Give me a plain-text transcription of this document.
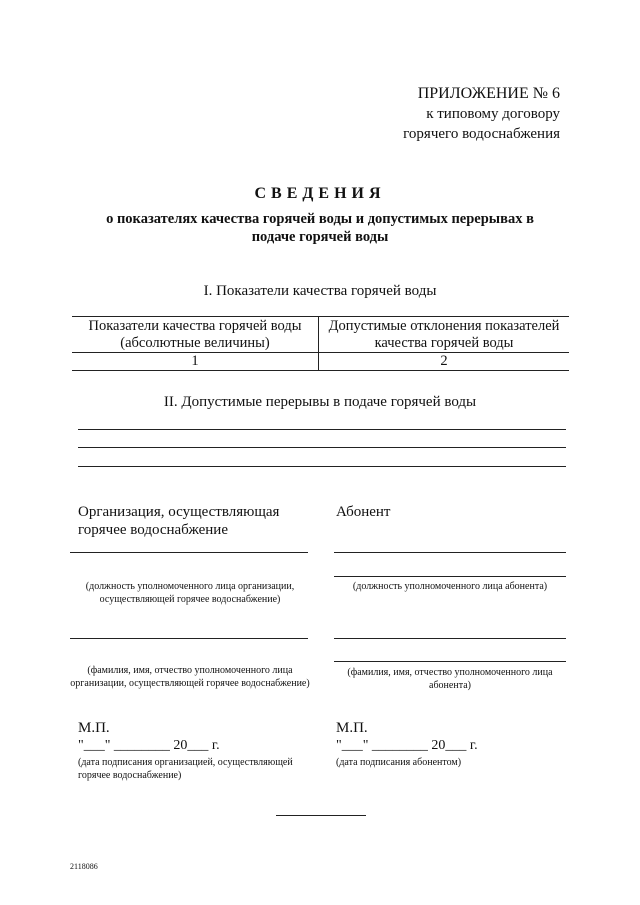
ПРИЛОЖЕНИЕ № 6
к типовому договору
горячего водоснабжения
СВЕДЕНИЯ
о показателях качества горячей воды и допустимых перерывах в подаче горячей воды
I. Показатели качества горячей воды
Показатели качества горячей воды (абсолютные величины)
Допустимые отклонения показателей качества горячей воды
1	2
II. Допустимые перерывы в подаче горячей воды
Организация, осуществляющая горячее водоснабжение
(должность уполномоченного лица организации, осуществляющей горячее водоснабжение)
(фамилия, имя, отчество уполномоченного лица организации, осуществляющей горячее водоснабжение)
М.П.
"___" ________ 20___ г.
(дата подписания организацией, осуществляющей горячее водоснабжение)
Абонент
(должность уполномоченного лица абонента)
(фамилия, имя, отчество уполномоченного лица абонента)
М.П.
"___" ________ 20___ г.
(дата подписания абонентом)
2118086
